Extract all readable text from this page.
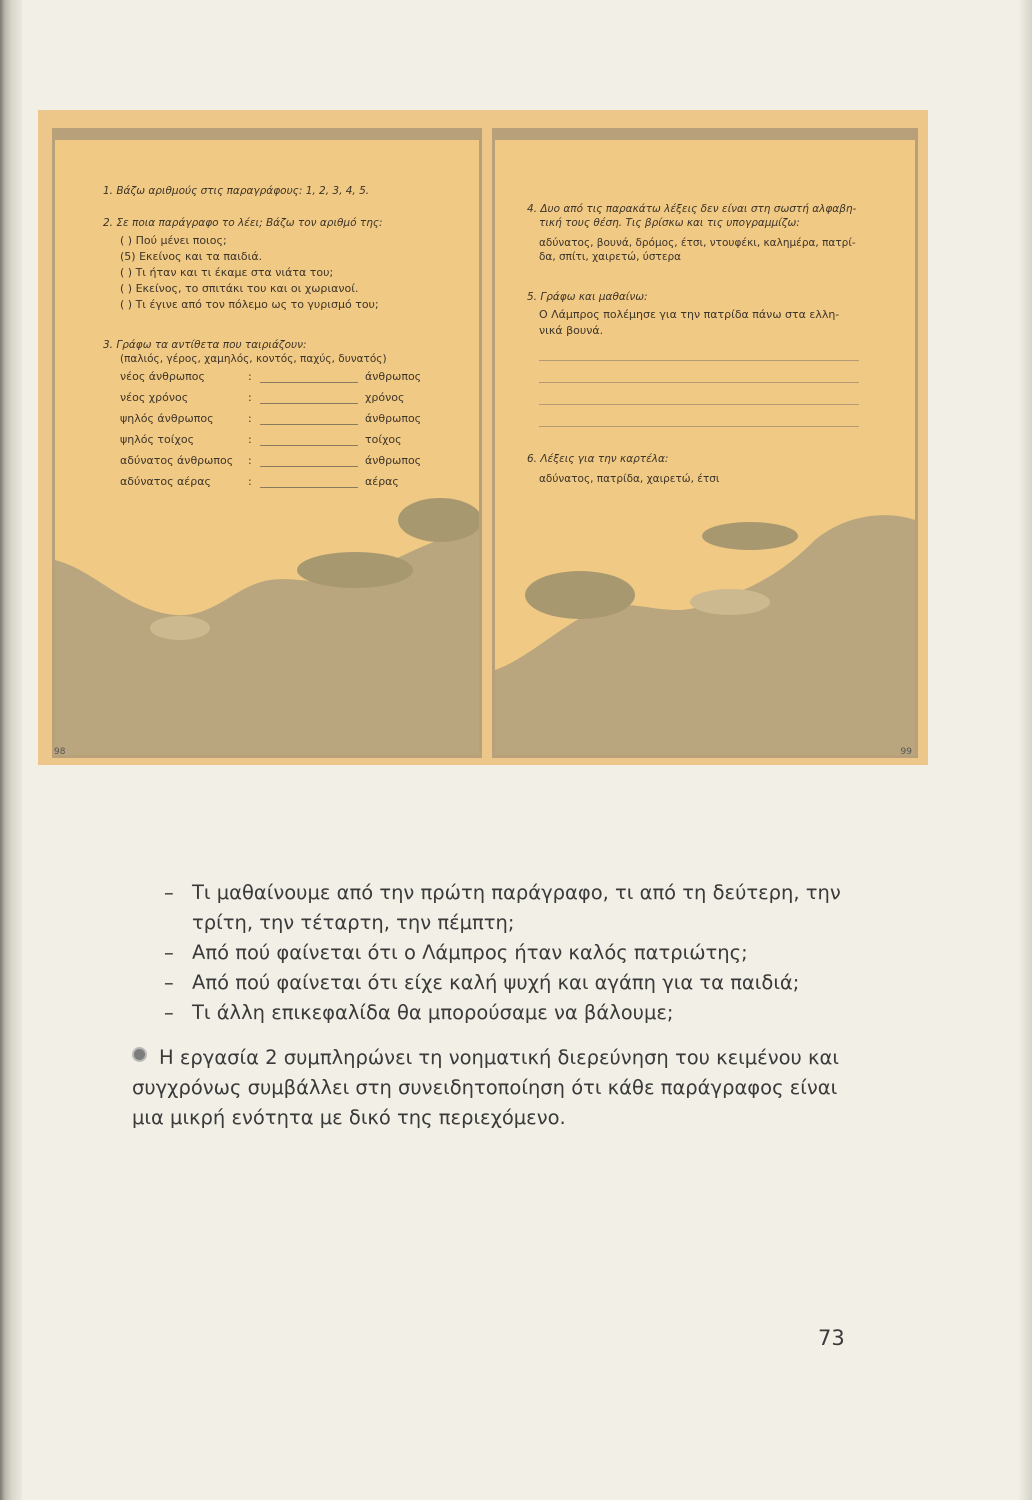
1. Βάζω αριθμούς στις παραγράφους: 1, 2, 3, 4, 5.
2. Σε ποια παράγραφο το λέει; Βάζω τον αριθμό της:
( ) Πού μένει ποιος;
(5) Εκείνος και τα παιδιά.
( ) Τι ήταν και τι έκαμε στα νιάτα του;
( ) Εκείνος, το σπιτάκι του και οι χωριανοί.
( ) Τι έγινε από τον πόλεμο ως το γυρισμό του;
3. Γράφω τα αντίθετα που ταιριάζουν:
(παλιός, γέρος, χαμηλός, κοντός, παχύς, δυνατός)
νέος άνθρωπος	:	άνθρωπος
νέος χρόνος	:	χρόνος
ψηλός άνθρωπος	:	άνθρωπος
ψηλός τοίχος	:	τοίχος
αδύνατος άνθρωπος :	άνθρωπος
αδύνατος αέρας	:	αέρας
4. Δυο από τις παρακάτω λέξεις δεν είναι στη σωστή αλφαβη-
τική τους θέση. Τις βρίσκω και τις υπογραμμίζω:
αδύνατος, βουνά, δρόμος, έτσι, ντουφέκι, καλημέρα, πατρί-
δα, σπίτι, χαιρετώ, ύστερα
5. Γράφω και μαθαίνω:
Ο Λάμπρος πολέμησε για την πατρίδα πάνω στα ελλη-
νικά βουνά.
6. Λέξεις για την καρτέλα:
αδύνατος, πατρίδα, χαιρετώ, έτσι
98	99
– Τι μαθαίνουμε από την πρώτη παράγραφο, τι από τη δεύτερη, την
τρίτη, την τέταρτη, την πέμπτη;
– Από πού φαίνεται ότι ο Λάμπρος ήταν καλός πατριώτης;
– Από πού φαίνεται ότι είχε καλή ψυχή και αγάπη για τα παιδιά;
– Τι άλλη επικεφαλίδα θα μπορούσαμε να βάλουμε;
Η εργασία 2 συμπληρώνει τη νοηματική διερεύνηση του κειμένου και
συγχρόνως συμβάλλει στη συνειδητοποίηση ότι κάθε παράγραφος είναι
μια μικρή ενότητα με δικό της περιεχόμενο.
73
